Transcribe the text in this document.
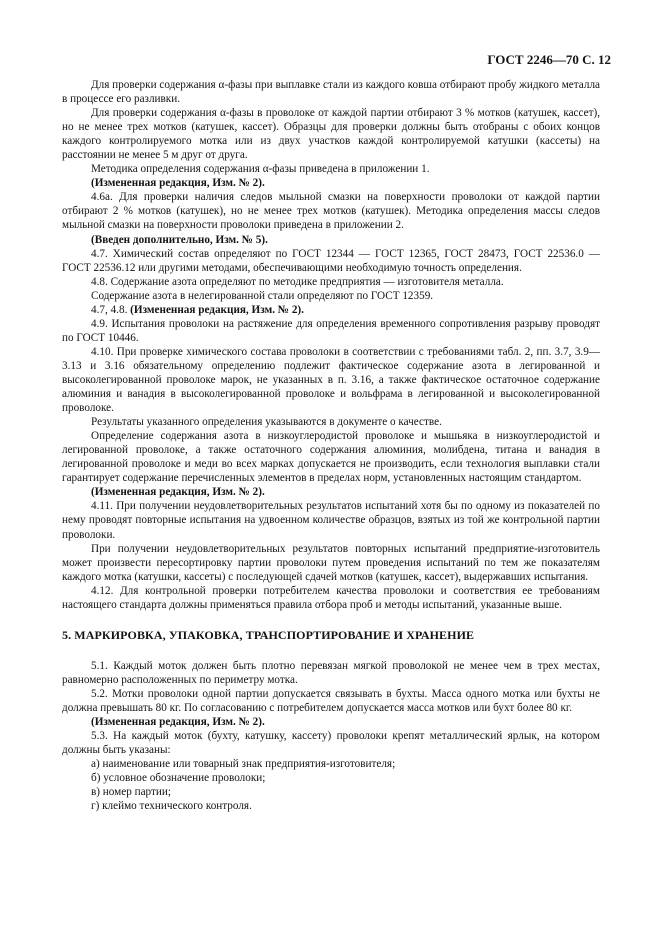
ГОСТ 2246—70 С. 12

Для проверки содержания α-фазы при выплавке стали из каждого ковша отбирают пробу жидкого металла в процессе его разливки.

Для проверки содержания α-фазы в проволоке от каждой партии отбирают 3 % мотков (катушек, кассет), но не менее трех мотков (катушек, кассет). Образцы для проверки должны быть отобраны с обоих концов каждого контролируемого мотка или из двух участков каждой контролируемой катушки (кассеты) на расстоянии не менее 5 м друг от друга.

Методика определения содержания α-фазы приведена в приложении 1.

(Измененная редакция, Изм. № 2).

4.6а. Для проверки наличия следов мыльной смазки на поверхности проволоки от каждой партии отбирают 2 % мотков (катушек), но не менее трех мотков (катушек). Методика определения массы следов мыльной смазки на поверхности проволоки приведена в приложении 2.

(Введен дополнительно, Изм. № 5).

4.7. Химический состав определяют по ГОСТ 12344 — ГОСТ 12365, ГОСТ 28473, ГОСТ 22536.0 — ГОСТ 22536.12 или другими методами, обеспечивающими необходимую точность определения.

4.8. Содержание азота определяют по методике предприятия — изготовителя металла.

Содержание азота в нелегированной стали определяют по ГОСТ 12359.

4.7, 4.8. (Измененная редакция, Изм. № 2).

4.9. Испытания проволоки на растяжение для определения временного сопротивления разрыву проводят по ГОСТ 10446.

4.10. При проверке химического состава проволоки в соответствии с требованиями табл. 2, пп. 3.7, 3.9—3.13 и 3.16 обязательному определению подлежит фактическое содержание азота в легированной и высоколегированной проволоке марок, не указанных в п. 3.16, а также фактическое остаточное содержание алюминия и ванадия в высоколегированной проволоке и вольфрама в легированной и высоколегированной проволоке.

Результаты указанного определения указываются в документе о качестве.

Определение содержания азота в низкоуглеродистой проволоке и мышьяка в низкоуглеродистой и легированной проволоке, а также остаточного содержания алюминия, молибдена, титана и ванадия в легированной проволоке и меди во всех марках допускается не производить, если технология выплавки стали гарантирует содержание перечисленных элементов в пределах норм, установленных настоящим стандартом.

(Измененная редакция, Изм. № 2).

4.11. При получении неудовлетворительных результатов испытаний хотя бы по одному из показателей по нему проводят повторные испытания на удвоенном количестве образцов, взятых из той же контрольной партии проволоки.

При получении неудовлетворительных результатов повторных испытаний предприятие-изготовитель может произвести пересортировку партии проволоки путем проведения испытаний по тем же показателям каждого мотка (катушки, кассеты) с последующей сдачей мотков (катушек, кассет), выдержавших испытания.

4.12. Для контрольной проверки потребителем качества проволоки и соответствия ее требованиям настоящего стандарта должны применяться правила отбора проб и методы испытаний, указанные выше.

5. МАРКИРОВКА, УПАКОВКА, ТРАНСПОРТИРОВАНИЕ И ХРАНЕНИЕ

5.1. Каждый моток должен быть плотно перевязан мягкой проволокой не менее чем в трех местах, равномерно расположенных по периметру мотка.

5.2. Мотки проволоки одной партии допускается связывать в бухты. Масса одного мотка или бухты не должна превышать 80 кг. По согласованию с потребителем допускается масса мотков или бухт более 80 кг.

(Измененная редакция, Изм. № 2).

5.3. На каждый моток (бухту, катушку, кассету) проволоки крепят металлический ярлык, на котором должны быть указаны:

а) наименование или товарный знак предприятия-изготовителя;

б) условное обозначение проволоки;

в) номер партии;

г) клеймо технического контроля.
